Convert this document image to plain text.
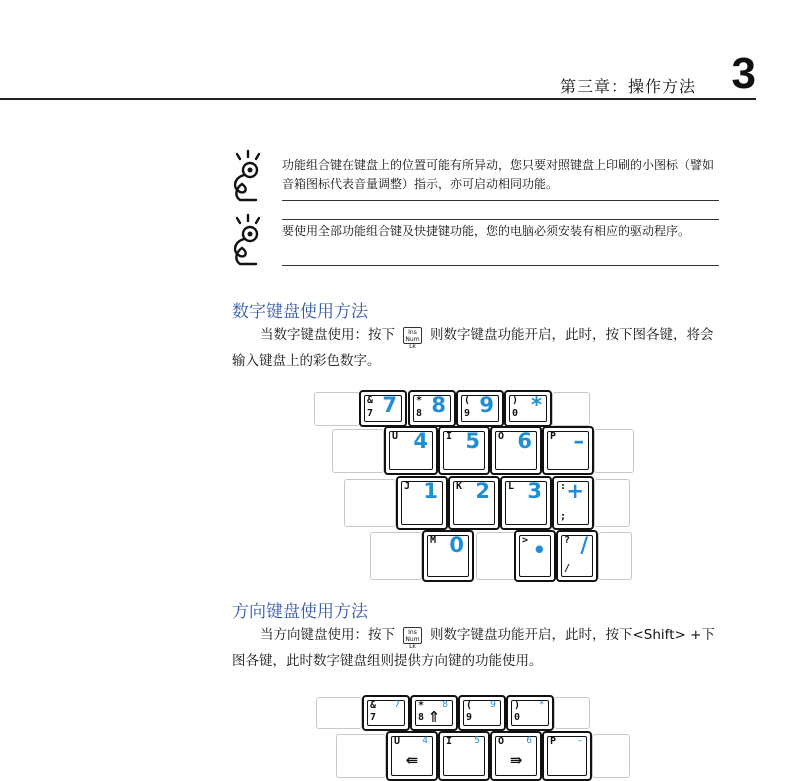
第三章：操作方法 3
功能组合键在键盘上的位置可能有所异动，您只要对照键盘上印刷的小图标（譬如音箱图标代表音量调整）指示，亦可启动相同功能。
要使用全部功能组合键及快捷键功能，您的电脑必须安装有相应的驱动程序。
数字键盘使用方法
当数字键盘使用：按下 Ins
Num Lk
则数字键盘功能开启，此时，按下图各键，将会输入键盘上的彩色数字。
&
7 7 *
8 8 (
9 9 )
0 *
U 4 I 5 O 6 P –
J 1 K 2 L 3 :
;
+
M 0	> • ?
/
/
方向键盘使用方法
当方向键盘使用：按下 Ins
Num Lk
则数字键盘功能开启，此时，按下<Shift> +下图各键，此时数字键盘组则提供方向键的功能使用。
&
7
7 *
8
8
⇑
(
9
9 )
0
*
U 4
⇚
I 5 O 6
⇛
P –
